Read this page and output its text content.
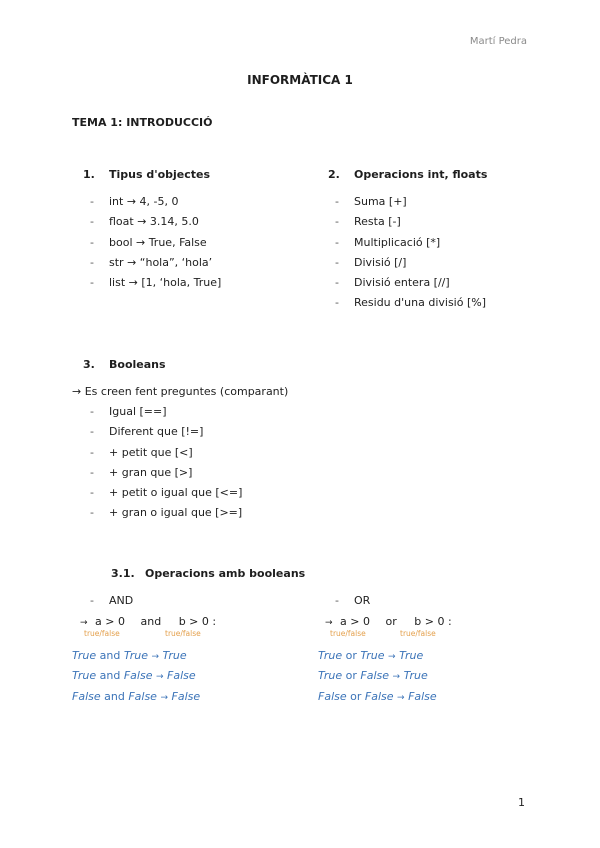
Martí Pedra
INFORMÀTICA 1
TEMA 1: INTRODUCCIÓ
1. Tipus d'objectes
- int → 4, -5, 0
- float → 3.14, 5.0
- bool → True, False
- str → “hola”, ‘hola’
- list → [1, ‘hola, True]
2. Operacions int, floats
- Suma [+]
- Resta [-]
- Multiplicació [*]
- Divisió [/]
- Divisió entera [//]
- Residu d'una divisió [%]
3. Booleans
→ Es creen fent preguntes (comparant)
- Igual [==]
- Diferent que [!=]
- + petit que [<]
- + gran que [>]
- + petit o igual que [<=]
- + gran o igual que [>=]
3.1. Operacions amb booleans
- AND
→ a > 0 and b > 0 :
true/false	true/false
True and True → True
True and False → False
False and False → False
- OR
→ a > 0 or b > 0 :
true/false	true/false
True or True → True
True or False → True
False or False → False
1
